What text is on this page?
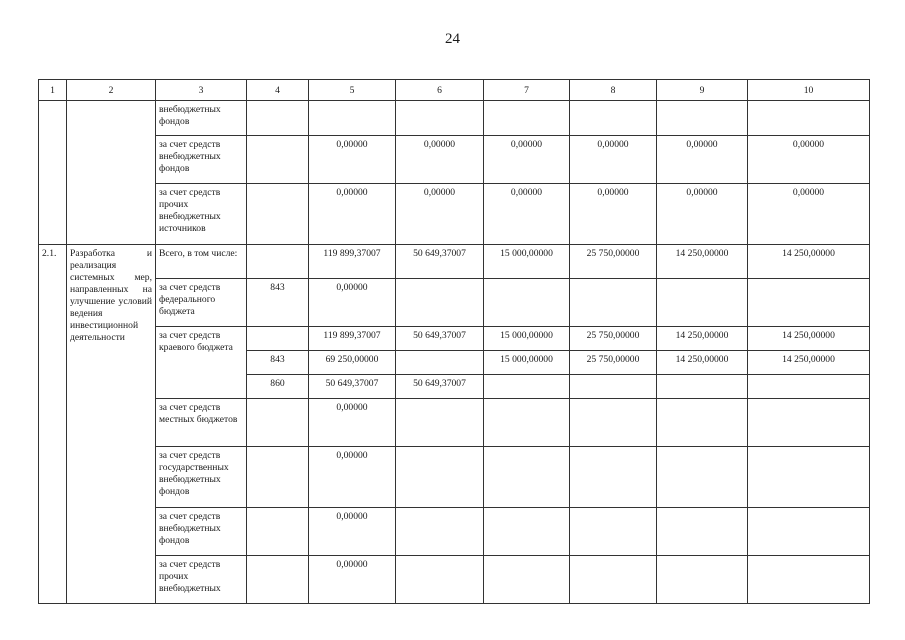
24
1	2	3	4	5	6	7	8	9	10
		внебюджетных фондов							
		за счет средств внебюджетных фондов		0,00000	0,00000	0,00000	0,00000	0,00000	0,00000
		за счет средств прочих внебюджетных источников		0,00000	0,00000	0,00000	0,00000	0,00000	0,00000
2.1.	Разработка и реализация системных мер, направленных на улучшение условий ведения инвестиционной деятельности	Всего, в том числе:		119 899,37007	50 649,37007	15 000,00000	25 750,00000	14 250,00000	14 250,00000
		за счет средств федерального бюджета	843	0,00000					
		за счет средств краевого бюджета		119 899,37007	50 649,37007	15 000,00000	25 750,00000	14 250,00000	14 250,00000
			843	69 250,00000		15 000,00000	25 750,00000	14 250,00000	14 250,00000
			860	50 649,37007	50 649,37007				
		за счет средств местных бюджетов		0,00000					
		за счет средств государственных внебюджетных фондов		0,00000					
		за счет средств внебюджетных фондов		0,00000					
		за счет средств прочих внебюджетных		0,00000					
